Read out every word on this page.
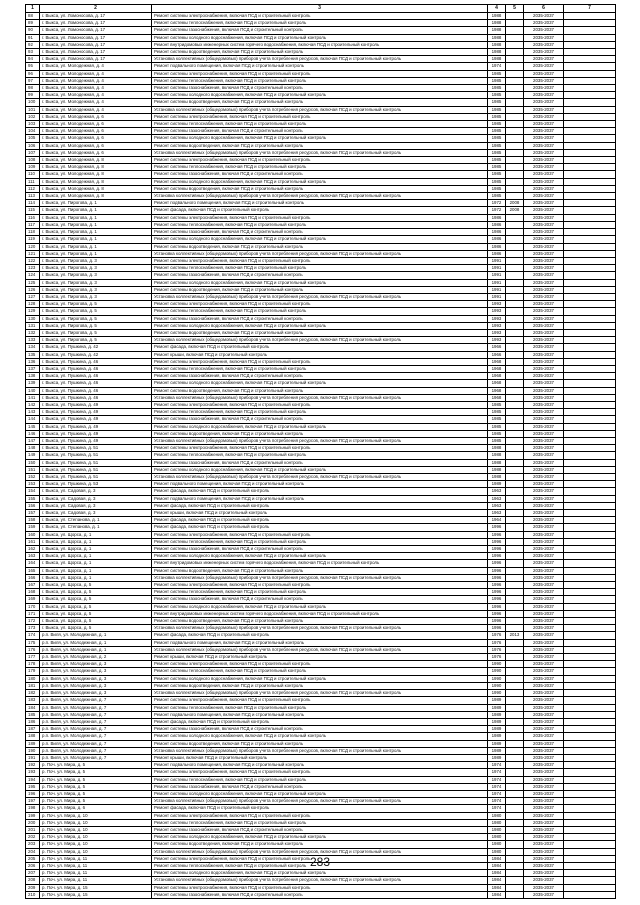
1	2	3	4	5	6	7
88	г. Выкса, ул. Ломоносова, д. 17	Ремонт системы электроснабжения, включая ПСД и строительный контроль	1988		2035-2037	
89	г. Выкса, ул. Ломоносова, д. 17	Ремонт системы теплоснабжения, включая ПСД и строительный контроль	1988		2035-2037	
90	г. Выкса, ул. Ломоносова, д. 17	Ремонт системы газоснабжения, включая ПСД и строительный контроль	1988		2035-2037	
91	г. Выкса, ул. Ломоносова, д. 17	Ремонт системы холодного водоснабжения, включая ПСД и строительный контроль	1988		2035-2037	
92	г. Выкса, ул. Ломоносова, д. 17	Ремонт внутридомовых инженерных систем горячего водоснабжения, включая ПСД и строительный контроль	1988		2035-2037	
93	г. Выкса, ул. Ломоносова, д. 17	Ремонт системы водоотведения, включая ПСД и строительный контроль	1988		2035-2037	
94	г. Выкса, ул. Ломоносова, д. 17	Установка коллективных (общедомовых) приборов учета потребления ресурсов, включая ПСД и строительный контроль	1988		2035-2037	
95	г. Выкса, ул. Молодежная, д. 4	Ремонт подвального помещения, включая ПСД и строительный контроль	1974		2035-2037	
96	г. Выкса, ул. Молодежная, д. 4	Ремонт системы электроснабжения, включая ПСД и строительный контроль	1985		2035-2037	
97	г. Выкса, ул. Молодежная, д. 4	Ремонт системы теплоснабжения, включая ПСД и строительный контроль	1985		2035-2037	
98	г. Выкса, ул. Молодежная, д. 4	Ремонт системы газоснабжения, включая ПСД и строительный контроль	1985		2035-2037	
99	г. Выкса, ул. Молодежная, д. 4	Ремонт системы холодного водоснабжения, включая ПСД и строительный контроль	1985		2035-2037	
100	г. Выкса, ул. Молодежная, д. 4	Ремонт системы водоотведения, включая ПСД и строительный контроль	1985		2035-2037	
101	г. Выкса, ул. Молодежная, д. 4	Установка коллективных (общедомовых) приборов учета потребления ресурсов, включая ПСД и строительный контроль	1985		2035-2037	
102	г. Выкса, ул. Молодежная, д. 6	Ремонт системы электроснабжения, включая ПСД и строительный контроль	1985		2035-2037	
103	г. Выкса, ул. Молодежная, д. 6	Ремонт системы теплоснабжения, включая ПСД и строительный контроль	1985		2035-2037	
104	г. Выкса, ул. Молодежная, д. 6	Ремонт системы газоснабжения, включая ПСД и строительный контроль	1985		2035-2037	
105	г. Выкса, ул. Молодежная, д. 6	Ремонт системы холодного водоснабжения, включая ПСД и строительный контроль	1985		2035-2037	
106	г. Выкса, ул. Молодежная, д. 6	Ремонт системы водоотведения, включая ПСД и строительный контроль	1985		2035-2037	
107	г. Выкса, ул. Молодежная, д. 6	Установка коллективных (общедомовых) приборов учета потребления ресурсов, включая ПСД и строительный контроль	1985		2035-2037	
108	г. Выкса, ул. Молодежная, д. 8	Ремонт системы электроснабжения, включая ПСД и строительный контроль	1985		2035-2037	
109	г. Выкса, ул. Молодежная, д. 8	Ремонт системы теплоснабжения, включая ПСД и строительный контроль	1985		2035-2037	
110	г. Выкса, ул. Молодежная, д. 8	Ремонт системы газоснабжения, включая ПСД и строительный контроль	1985		2035-2037	
111	г. Выкса, ул. Молодежная, д. 8	Ремонт системы холодного водоснабжения, включая ПСД и строительный контроль	1985		2035-2037	
112	г. Выкса, ул. Молодежная, д. 8	Ремонт системы водоотведения, включая ПСД и строительный контроль	1985		2035-2037	
113	г. Выкса, ул. Молодежная, д. 8	Установка коллективных (общедомовых) приборов учета потребления ресурсов, включая ПСД и строительный контроль	1985		2035-2037	
114	г. Выкса, ул. Пирогова, д. 1	Ремонт подвального помещения, включая ПСД и строительный контроль	1972	2008	2035-2037	
115	г. Выкса, ул. Пирогова, д. 1	Ремонт фасада, включая ПСД и строительный контроль	1972	2008	2035-2037	
116	г. Выкса, ул. Пирогова, д. 1	Ремонт системы электроснабжения, включая ПСД и строительный контроль	1986		2035-2037	
117	г. Выкса, ул. Пирогова, д. 1	Ремонт системы теплоснабжения, включая ПСД и строительный контроль	1986		2035-2037	
118	г. Выкса, ул. Пирогова, д. 1	Ремонт системы газоснабжения, включая ПСД и строительный контроль	1986		2035-2037	
119	г. Выкса, ул. Пирогова, д. 1	Ремонт системы холодного водоснабжения, включая ПСД и строительный контроль	1986		2035-2037	
120	г. Выкса, ул. Пирогова, д. 1	Ремонт системы водоотведения, включая ПСД и строительный контроль	1986		2035-2037	
121	г. Выкса, ул. Пирогова, д. 1	Установка коллективных (общедомовых) приборов учета потребления ресурсов, включая ПСД и строительный контроль	1986		2035-2037	
122	г. Выкса, ул. Пирогова, д. 3	Ремонт системы электроснабжения, включая ПСД и строительный контроль	1991		2035-2037	
123	г. Выкса, ул. Пирогова, д. 3	Ремонт системы теплоснабжения, включая ПСД и строительный контроль	1991		2035-2037	
124	г. Выкса, ул. Пирогова, д. 3	Ремонт системы газоснабжения, включая ПСД и строительный контроль	1991		2035-2037	
125	г. Выкса, ул. Пирогова, д. 3	Ремонт системы холодного водоснабжения, включая ПСД и строительный контроль	1991		2035-2037	
126	г. Выкса, ул. Пирогова, д. 3	Ремонт системы водоотведения, включая ПСД и строительный контроль	1991		2035-2037	
127	г. Выкса, ул. Пирогова, д. 3	Установка коллективных (общедомовых) приборов учета потребления ресурсов, включая ПСД и строительный контроль	1991		2035-2037	
128	г. Выкса, ул. Пирогова, д. 5	Ремонт системы электроснабжения, включая ПСД и строительный контроль	1993		2035-2037	
129	г. Выкса, ул. Пирогова, д. 5	Ремонт системы теплоснабжения, включая ПСД и строительный контроль	1993		2035-2037	
130	г. Выкса, ул. Пирогова, д. 5	Ремонт системы газоснабжения, включая ПСД и строительный контроль	1993		2035-2037	
131	г. Выкса, ул. Пирогова, д. 5	Ремонт системы холодного водоснабжения, включая ПСД и строительный контроль	1993		2035-2037	
132	г. Выкса, ул. Пирогова, д. 5	Ремонт системы водоотведения, включая ПСД и строительный контроль	1993		2035-2037	
133	г. Выкса, ул. Пирогова, д. 5	Установка коллективных (общедомовых) приборов учета потребления ресурсов, включая ПСД и строительный контроль	1993		2035-2037	
134	г. Выкса, ул. Пушкина, д. 42	Ремонт фасада, включая ПСД и строительный контроль	1966		2035-2037	
135	г. Выкса, ул. Пушкина, д. 42	Ремонт крыши, включая ПСД и строительный контроль	1966		2035-2037	
136	г. Выкса, ул. Пушкина, д. 46	Ремонт системы электроснабжения, включая ПСД и строительный контроль	1968		2035-2037	
137	г. Выкса, ул. Пушкина, д. 46	Ремонт системы теплоснабжения, включая ПСД и строительный контроль	1968		2035-2037	
138	г. Выкса, ул. Пушкина, д. 46	Ремонт системы газоснабжения, включая ПСД и строительный контроль	1968		2035-2037	
139	г. Выкса, ул. Пушкина, д. 46	Ремонт системы холодного водоснабжения, включая ПСД и строительный контроль	1968		2035-2037	
140	г. Выкса, ул. Пушкина, д. 46	Ремонт системы водоотведения, включая ПСД и строительный контроль	1968		2035-2037	
141	г. Выкса, ул. Пушкина, д. 46	Установка коллективных (общедомовых) приборов учета потребления ресурсов, включая ПСД и строительный контроль	1968		2035-2037	
142	г. Выкса, ул. Пушкина, д. 49	Ремонт системы электроснабжения, включая ПСД и строительный контроль	1985		2035-2037	
143	г. Выкса, ул. Пушкина, д. 49	Ремонт системы теплоснабжения, включая ПСД и строительный контроль	1985		2035-2037	
144	г. Выкса, ул. Пушкина, д. 49	Ремонт системы газоснабжения, включая ПСД и строительный контроль	1985		2035-2037	
145	г. Выкса, ул. Пушкина, д. 49	Ремонт системы холодного водоснабжения, включая ПСД и строительный контроль	1985		2035-2037	
146	г. Выкса, ул. Пушкина, д. 49	Ремонт системы водоотведения, включая ПСД и строительный контроль	1985		2035-2037	
147	г. Выкса, ул. Пушкина, д. 49	Установка коллективных (общедомовых) приборов учета потребления ресурсов, включая ПСД и строительный контроль	1985		2035-2037	
148	г. Выкса, ул. Пушкина, д. 51	Ремонт системы электроснабжения, включая ПСД и строительный контроль	1988		2035-2037	
149	г. Выкса, ул. Пушкина, д. 51	Ремонт системы теплоснабжения, включая ПСД и строительный контроль	1988		2035-2037	
150	г. Выкса, ул. Пушкина, д. 51	Ремонт системы газоснабжения, включая ПСД и строительный контроль	1988		2035-2037	
151	г. Выкса, ул. Пушкина, д. 51	Ремонт системы холодного водоснабжения, включая ПСД и строительный контроль	1988		2035-2037	
152	г. Выкса, ул. Пушкина, д. 51	Установка коллективных (общедомовых) приборов учета потребления ресурсов, включая ПСД и строительный контроль	1988		2035-2037	
153	г. Выкса, ул. Пушкина, д. 53	Ремонт подвального помещения, включая ПСД и строительный контроль	1989		2035-2037	
154	г. Выкса, ул. Садовая, д. 3	Ремонт фасада, включая ПСД и строительный контроль	1963		2035-2037	
155	г. Выкса, ул. Садовая, д. 3	Ремонт подвального помещения, включая ПСД и строительный контроль	1963		2035-2037	
156	г. Выкса, ул. Садовая, д. 3	Ремонт фасада, включая ПСД и строительный контроль	1963		2035-2037	
157	г. Выкса, ул. Садовая, д. 3	Ремонт крыши, включая ПСД и строительный контроль	1963		2035-2037	
158	г. Выкса, ул. Степанова, д. 1	Ремонт фасада, включая ПСД и строительный контроль	1964		2035-2037	
159	г. Выкса, ул. Степанова, д. 1	Ремонт фасада, включая ПСД и строительный контроль	1996		2035-2037	
160	г. Выкса, ул. Щорса, д. 1	Ремонт системы электроснабжения, включая ПСД и строительный контроль	1996		2035-2037	
161	г. Выкса, ул. Щорса, д. 1	Ремонт системы теплоснабжения, включая ПСД и строительный контроль	1996		2035-2037	
162	г. Выкса, ул. Щорса, д. 1	Ремонт системы газоснабжения, включая ПСД и строительный контроль	1996		2035-2037	
163	г. Выкса, ул. Щорса, д. 1	Ремонт системы холодного водоснабжения, включая ПСД и строительный контроль	1996		2035-2037	
164	г. Выкса, ул. Щорса, д. 1	Ремонт внутридомовых инженерных систем горячего водоснабжения, включая ПСД и строительный контроль	1996		2035-2037	
165	г. Выкса, ул. Щорса, д. 1	Ремонт системы водоотведения, включая ПСД и строительный контроль	1996		2035-2037	
166	г. Выкса, ул. Щорса, д. 1	Установка коллективных (общедомовых) приборов учета потребления ресурсов, включая ПСД и строительный контроль	1996		2035-2037	
167	г. Выкса, ул. Щорса, д. 5	Ремонт системы электроснабжения, включая ПСД и строительный контроль	1996		2035-2037	
168	г. Выкса, ул. Щорса, д. 5	Ремонт системы теплоснабжения, включая ПСД и строительный контроль	1996		2035-2037	
169	г. Выкса, ул. Щорса, д. 5	Ремонт системы газоснабжения, включая ПСД и строительный контроль	1996		2035-2037	
170	г. Выкса, ул. Щорса, д. 5	Ремонт системы холодного водоснабжения, включая ПСД и строительный контроль	1996		2035-2037	
171	г. Выкса, ул. Щорса, д. 5	Ремонт внутридомовых инженерных систем горячего водоснабжения, включая ПСД и строительный контроль	1996		2035-2037	
172	г. Выкса, ул. Щорса, д. 5	Ремонт системы водоотведения, включая ПСД и строительный контроль	1996		2035-2037	
173	г. Выкса, ул. Щорса, д. 5	Установка коллективных (общедомовых) приборов учета потребления ресурсов, включая ПСД и строительный контроль	1996		2035-2037	
174	р.п. Виля, ул. Молодежная, д. 1	Ремонт фасада, включая ПСД и строительный контроль	1976	2013	2035-2037	
175	р.п. Виля, ул. Молодежная, д. 1	Ремонт подвального помещения, включая ПСД и строительный контроль	1976		2035-2037	
176	р.п. Виля, ул. Молодежная, д. 1	Установка коллективных (общедомовых) приборов учета потребления ресурсов, включая ПСД и строительный контроль	1976		2035-2037	
177	р.п. Виля, ул. Молодежная, д. 2	Ремонт крыши, включая ПСД и строительный контроль	1976		2035-2037	
178	р.п. Виля, ул. Молодежная, д. 3	Ремонт системы электроснабжения, включая ПСД и строительный контроль	1990		2035-2037	
179	р.п. Виля, ул. Молодежная, д. 3	Ремонт системы теплоснабжения, включая ПСД и строительный контроль	1990		2035-2037	
180	р.п. Виля, ул. Молодежная, д. 3	Ремонт системы холодного водоснабжения, включая ПСД и строительный контроль	1990		2035-2037	
181	р.п. Виля, ул. Молодежная, д. 3	Ремонт системы водоотведения, включая ПСД и строительный контроль	1990		2035-2037	
182	р.п. Виля, ул. Молодежная, д. 3	Установка коллективных (общедомовых) приборов учета потребления ресурсов, включая ПСД и строительный контроль	1990		2035-2037	
183	р.п. Виля, ул. Молодежная, д. 7	Ремонт системы электроснабжения, включая ПСД и строительный контроль	1989		2035-2037	
184	р.п. Виля, ул. Молодежная, д. 7	Ремонт системы теплоснабжения, включая ПСД и строительный контроль	1989		2035-2037	
185	р.п. Виля, ул. Молодежная, д. 7	Ремонт подвального помещения, включая ПСД и строительный контроль	1989		2035-2037	
186	р.п. Виля, ул. Молодежная, д. 7	Ремонт фасада, включая ПСД и строительный контроль	1989		2035-2037	
187	р.п. Виля, ул. Молодежная, д. 7	Ремонт системы газоснабжения, включая ПСД и строительный контроль	1989		2035-2037	
188	р.п. Виля, ул. Молодежная, д. 7	Ремонт системы холодного водоснабжения, включая ПСД и строительный контроль	1989		2035-2037	
189	р.п. Виля, ул. Молодежная, д. 7	Ремонт системы водоотведения, включая ПСД и строительный контроль	1989		2035-2037	
190	р.п. Виля, ул. Молодежная, д. 7	Установка коллективных (общедомовых) приборов учета потребления ресурсов, включая ПСД и строительный контроль	1989		2035-2037	
191	р.п. Виля, ул. Молодежная, д. 7	Ремонт крыши, включая ПСД и строительный контроль	1989		2035-2037	
192	р. Поч. ул. Мира, д. 5	Ремонт подвального помещения, включая ПСД и строительный контроль	1974		2035-2037	
193	р. Поч. ул. Мира, д. 5	Ремонт системы электроснабжения, включая ПСД и строительный контроль	1974		2035-2037	
194	р. Поч. ул. Мира, д. 5	Ремонт системы теплоснабжения, включая ПСД и строительный контроль	1974		2035-2037	
195	р. Поч. ул. Мира, д. 5	Ремонт системы газоснабжения, включая ПСД и строительный контроль	1974		2035-2037	
196	р. Поч. ул. Мира, д. 5	Ремонт системы холодного водоснабжения, включая ПСД и строительный контроль	1974		2035-2037	
197	р. Поч. ул. Мира, д. 5	Установка коллективных (общедомовых) приборов учета потребления ресурсов, включая ПСД и строительный контроль	1974		2035-2037	
198	р. Поч. ул. Мира, д. 6	Ремонт фасада, включая ПСД и строительный контроль	1974		2035-2037	
199	р. Поч. ул. Мира, д. 10	Ремонт системы электроснабжения, включая ПСД и строительный контроль	1980		2035-2037	
200	р. Поч. ул. Мира, д. 10	Ремонт системы теплоснабжения, включая ПСД и строительный контроль	1980		2035-2037	
201	р. Поч. ул. Мира, д. 10	Ремонт системы газоснабжения, включая ПСД и строительный контроль	1980		2035-2037	
202	р. Поч. ул. Мира, д. 10	Ремонт системы холодного водоснабжения, включая ПСД и строительный контроль	1980		2035-2037	
203	р. Поч. ул. Мира, д. 10	Ремонт системы водоотведения, включая ПСД и строительный контроль	1980		2035-2037	
204	р. Поч. ул. Мира, д. 10	Установка коллективных (общедомовых) приборов учета потребления ресурсов, включая ПСД и строительный контроль	1980		2035-2037	
205	р. Поч. ул. Мира, д. 11	Ремонт системы электроснабжения, включая ПСД и строительный контроль	1984		2035-2037	
206	р. Поч. ул. Мира, д. 11	Ремонт системы теплоснабжения, включая ПСД и строительный контроль	1984		2035-2037	
207	р. Поч. ул. Мира, д. 11	Ремонт системы холодного водоснабжения, включая ПСД и строительный контроль	1984		2035-2037	
208	р. Поч. ул. Мира, д. 11	Установка коллективных (общедомовых) приборов учета потребления ресурсов, включая ПСД и строительный контроль	1984		2035-2037	
209	р. Поч. ул. Мира, д. 15	Ремонт системы электроснабжения, включая ПСД и строительный контроль	1984		2035-2037	
210	р. Поч. ул. Мира, д. 15	Ремонт системы газоснабжения, включая ПСД и строительный контроль	1984		2035-2037	
283
